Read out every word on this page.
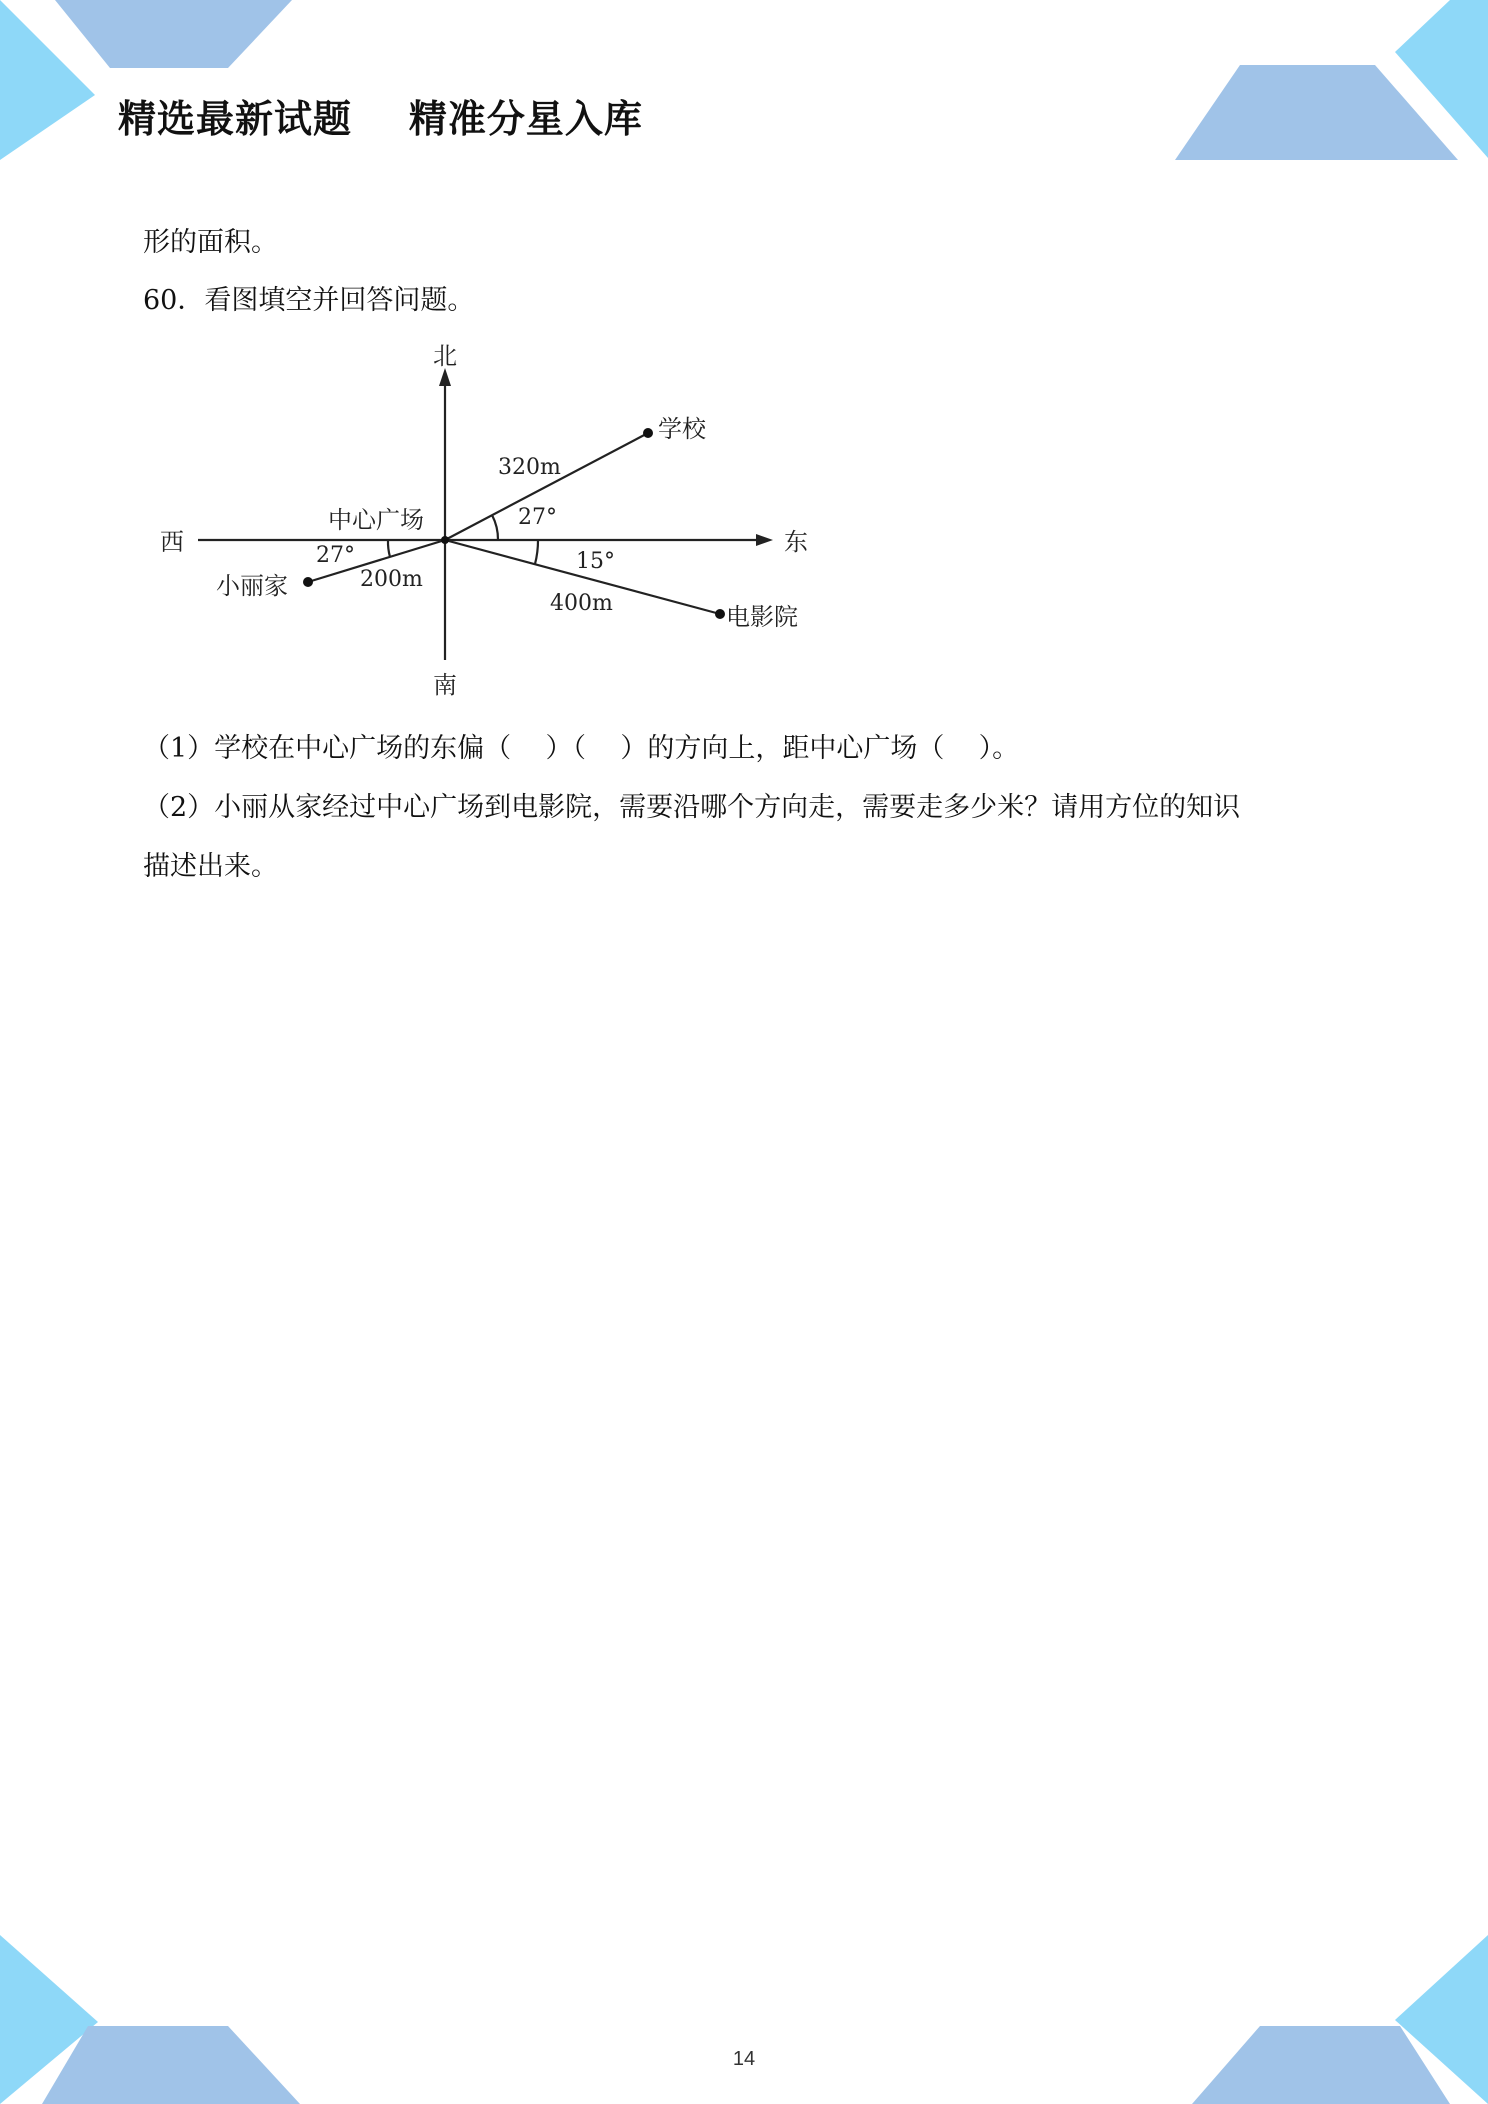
精选最新试题    精准分星入库
形的面积。
60．看图填空并回答问题。
北
南
东
西
中心广场
学校
小丽家
电影院
320m
200m
400m
27°
27°	15°
（1）学校在中心广场的东偏（    ）（    ）的方向上，距中心广场（    ）。
（2）小丽从家经过中心广场到电影院，需要沿哪个方向走，需要走多少米？请用方位的知识
描述出来。
14
